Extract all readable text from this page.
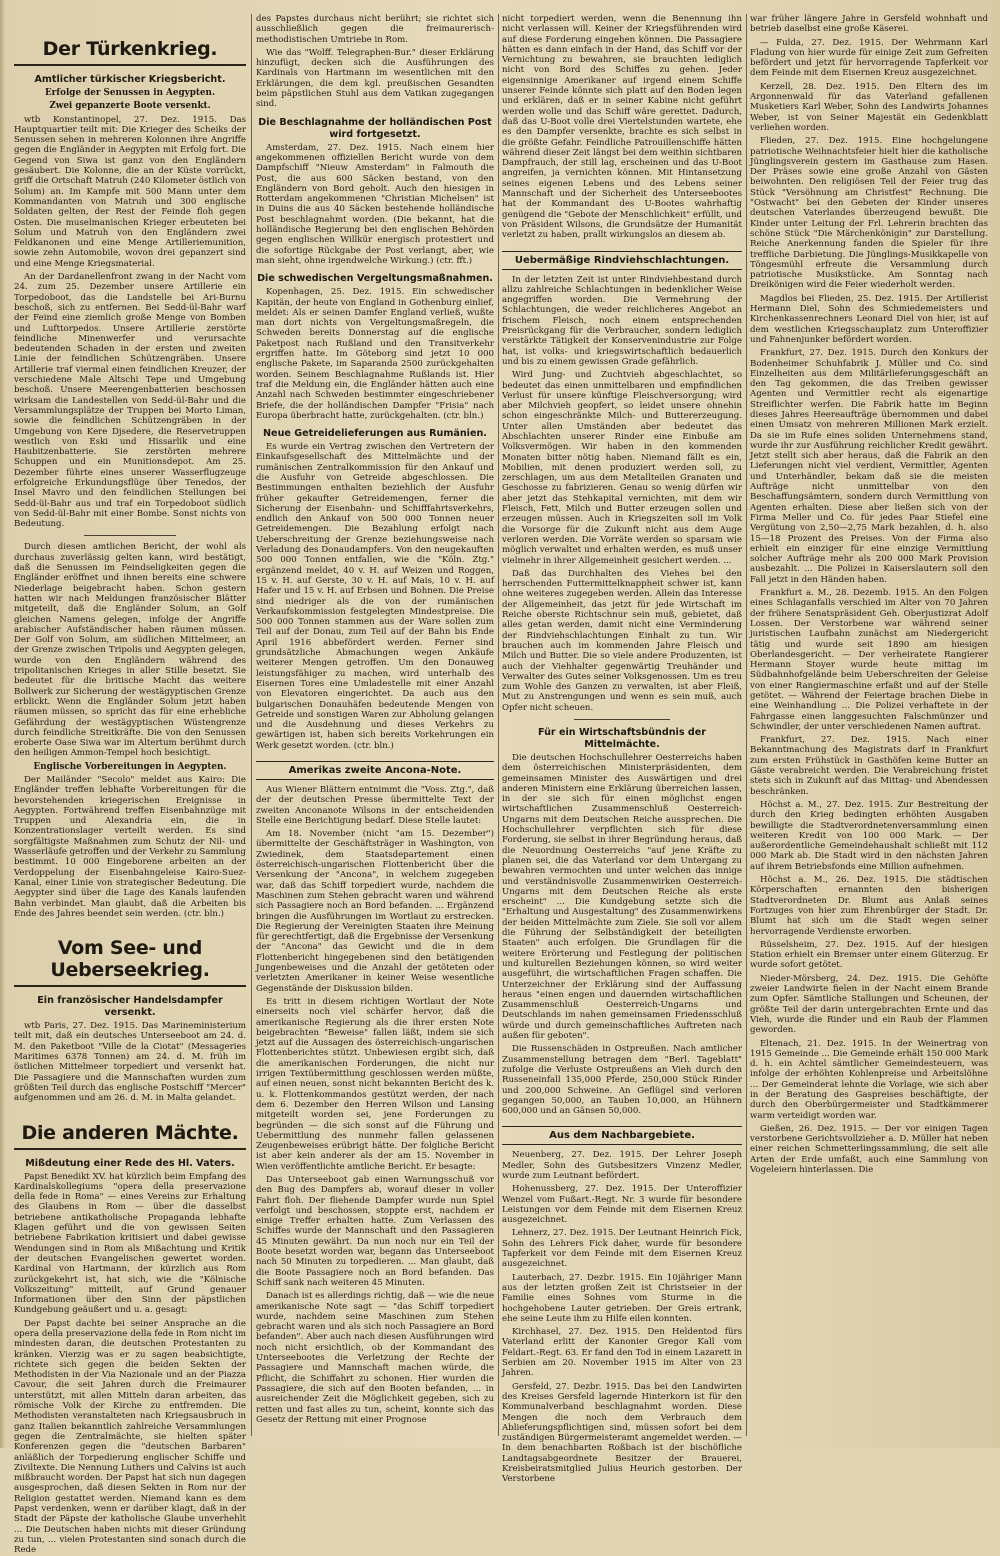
Der Türkenkrieg.
Amtlicher türkischer Kriegsbericht.
Erfolge der Senussen in Aegypten.
Zwei gepanzerte Boote versenkt.

wtb Konstantinopel, 27. Dez. 1915. Das Hauptquartier teilt mit: Die Krieger des Scheiks der Senussen sehen in mehreren Kolonnen ihre Angriffe gegen die Engländer in Aegypten mit Erfolg fort. Die Gegend von Siwa ist ganz von den Engländern gesäubert. Die Kolonne, die an der Küste vorrückt, griff die Ortschaft Matruh (240 Kilometer östlich von Solum) an. Im Kampfe mit 500 Mann unter dem Kommandanten von Matruh und 300 englische Soldaten gelten, der Rest der Feinde floh gegen Osten. Die muselmanischen Krieger erbeuteten bei Solum und Matruh von den Engländern zwei Feldkanonen und eine Menge Artilleriemunition, sowie zehn Automobile, wovon drei gepanzert sind und eine Menge Kriegsmaterial.

An der Dardanellenfront zwang in der Nacht vom 24. zum 25. Dezember unsere Artillerie ein Torpedoboot, das die Landstelle bei Ari-Burnu beschoß, sich zu entfernen. Bei Sedd-ül-Bahr warf der Feind eine ziemlich große Menge von Bomben und Lufttorpedos. Unsere Artillerie zerstörte feindliche Minenwerfer und verursachte bedeutenden Schaden in der ersten und zweiten Linie der feindlichen Schützengräben. Unsere Artillerie traf viermal einen feindlichen Kreuzer, der verschiedene Male Altschi Tepe und Umgebung beschoß. Unsere Meerengenbatterien beschossen wirksam die Landestellen von Sedd-ül-Bahr und die Versammlungsplätze der Truppen bei Morto Liman, sowie die feindlichen Schützengräben in der Umgebung von Kere Djsedere, die Reservetruppen westlich von Eski und Hissarlik und eine Haubitzenbatterie. Sie zerstörten mehrere Schuppen und ein Munitionsdepot. Am 25. Dezember führte eines unserer Wasserflugzeuge erfolgreiche Erkundungsflüge über Tenedos, der Insel Mavro und den feindlichen Stellungen bei Sedd-ül-Bahr aus und traf ein Torpedoboot südlich von Sedd-ül-Bahr mit einer Bombe. Sonst nichts von Bedeutung.

Durch diesen amtlichen Bericht, der wohl als durchaus zuverlässig gelten kann, wird bestätigt, daß die Senussen im Feindseligkeiten gegen die Engländer eröffnet und ihnen bereits eine schwere Niederlage beigebracht haben. Schon gestern hatten wir nach Meldungen französischer Blätter mitgeteilt, daß die Engländer Solum, an Golf gleichen Namens gelegen, infolge der Angriffe arabischer Aufständischer haben räumen müssen. Der Golf von Solum, am südlichen Mittelmeer, an der Grenze zwischen Tripolis und Aegypten gelegen, wurde von den Engländern während des tripolitanischen Krieges in aller Stille besetzt. Sie bedeutet für die britische Macht das weitere Bollwerk zur Sicherung der westägyptischen Grenze erblickt. Wenn die Engländer Solum jetzt haben räumen müssen, so spricht das für eine erhebliche Gefährdung der westägyptischen Wüstengrenze durch feindliche Streitkräfte. Die von den Senussen eroberte Oase Siwa war im Altertum berühmt durch den heiligen Ammon-Tempel hoch besichtigt.

Englische Vorbereitungen in Aegypten.

Der Mailänder "Secolo" meldet aus Kairo: Die Engländer treffen lebhafte Vorbereitungen für die bevorstehenden kriegerischen Ereignisse in Aegypten. Fortwährend treffen Eisenbahnzüge mit Truppen und Alexandria ein, die in Konzentrationslager verteilt werden. Es sind sorgfältigste Maßnahmen zum Schutz der Nil- und Wasserläufe getroffen und der Verkehr zu Sammlung bestimmt. 10 000 Eingeborene arbeiten an der Verdoppelung der Eisenbahngeleise Kairo-Suez-Kanal, einer Linie von strategischer Bedeutung. Die Aegypter sind über die Lage des Kanals laufenden Bahn verbindet. Man glaubt, daß die Arbeiten bis Ende des Jahres beendet sein werden. (ctr. bln.)

Vom See- und Ueberseekrieg.
Ein französischer Handelsdampfer versenkt.

wtb Paris, 27. Dez. 1915. Das Marineministerium teilt mit, daß ein deutsches Unterseeboot am 24. d. M. den Paketboot "Ville de la Ciotat" (Messageries Maritimes 6378 Tonnen) am 24. d. M. früh im östlichen Mittelmeer torpediert und versenkt hat. Die Passagiere und die Mannschaften wurden zum größten Teil durch das englische Postschiff "Mercer" aufgenommen und am 26. d. M. in Malta gelandet.

Die anderen Mächte.
Mißdeutung einer Rede des Hl. Vaters.

Papst Benedikt XV. hat kürzlich beim Empfang des Kardinalskollegiums "opera della preservazione della fede in Roma" — eines Vereins zur Erhaltung des Glaubens in Rom — über die dasselbst betriebene antikatholische Propaganda lebhafte Klagen geführt und die von gewissen Seiten betriebene Fabrikation kritisiert und dabei gewisse Wendungen sind in Rom als Mißachtung und Kritik der deutschen Evangelischen gewertet worden. Kardinal von Hartmann, der kürzlich aus Rom zurückgekehrt ist, hat sich, wie die "Kölnische Volkszeitung" mitteilt, auf Grund genauer Informationen über den Sinn der päpstlichen Kundgebung geäußert und u. a. gesagt:

Der Papst dachte bei seiner Ansprache an die opera della preservazione della fede in Rom nicht im mindesten daran, die deutschen Protestanten zu kränken. Vierzig was er zu sagen beabsichtigte, richtete sich gegen die beiden Sekten der Methodisten in der Via Nazionale und an der Piazza Cavour, die seit Jahren durch die Freimaurer unterstützt, mit allen Mitteln daran arbeiten, das römische Volk der Kirche zu entfremden. Die Methodisten veranstalteten nach Kriegsausbruch in ganz Italien bekanntlich zahlreiche Versammlungen gegen die Zentralmächte, sie hielten später Konferenzen gegen die "deutschen Barbaren" anläßlich der Torpedierung englischer Schiffe und Ziviltexte. Die Nennung Luthers und Calvins ist auch mißbraucht worden. Der Papst hat sich nun dagegen ausgesprochen, daß diesen Sekten in Rom nur der Religion gestattet werden. Niemand kann es dem Papst verdenken, wenn er darüber klagt, daß in der Stadt der Päpste der katholische Glaube unverhehlt ... Die Deutschen haben nichts mit dieser Gründung zu tun, ... vielen Protestanten sind sonach durch die Rede

des Papstes durchaus nicht berührt; sie richtet sich ausschließlich gegen die freimaurerisch-methodistischen Umtriebe in Rom.

Wie das "Wolff. Telegraphen-Bur." dieser Erklärung hinzufügt, decken sich die Ausführungen des Kardinals von Hartmann im wesentlichen mit den Erklärungen, die dem kgl. preußischen Gesandten beim päpstlichen Stuhl aus dem Vatikan zugegangen sind.

Die Beschlagnahme der holländischen Post wird fortgesetzt.

Amsterdam, 27. Dez. 1915. Nach einem hier angekommenen offiziellen Bericht wurde von dem Dampfschiff "Nieuw Amsterdam" in Falmouth die Post, die aus 600 Säcken bestand, von den Engländern von Bord geholt. Auch den hiesigen in Rotterdam angekommenen "Christian Michelsen" ist in Duins die aus 40 Säcken bestehende holländische Post beschlagnahmt worden. (Die bekannt, hat die holländische Regierung bei den englischen Behörden gegen englischen Willkür energisch protestiert und die sofortige Rückgabe der Post verlangt, aber, wie man sieht, ohne irgendwelche Wirkung.) (ctr. fft.)

Die schwedischen Vergeltungsmaßnahmen.

Kopenhagen, 25. Dez. 1915. Ein schwedischer Kapitän, der heute von England in Gothenburg einlief, meldet: Als er seinen Damfer England verließ, wußte man dort nichts von Vergeltungsmaßregeln, die Schweden bereits Donnerstag auf die englische Paketpost nach Rußland und den Transitverkehr ergriffen hatte. Im Göteborg sind jetzt 10 000 englische Pakete, im Saparanda 2500 zurückgehalten worden. Seinem Beschlagnahme Rußlands ist. Hier traf die Meldung ein, die Engländer hätten auch eine Anzahl nach Schweden bestimmter eingeschriebener Briefe, die der holländischen Dampfer "Frisia" nach Europa überbracht hatte, zurückgehalten. (ctr. bln.)

Neue Getreidelieferungen aus Rumänien.

Es wurde ein Vertrag zwischen den Vertretern der Einkaufsgesellschaft des Mittelmächte und der rumänischen Zentralkommission für den Ankauf und die Ausfuhr von Getreide abgeschlossen. Die Bestimmungen enthalten beziehlich der Ausfuhr früher gekaufter Getreidemengen, ferner die Sicherung der Eisenbahn- und Schifffahrtsverkehrs, endlich den Ankauf von 500 000 Tonnen neuer Getreidemengen. Die Bezahlung erfolgt nach Ueberschreitung der Grenze beziehungsweise nach Verladung des Donaudampfers. Von den neugekauften 500 000 Tonnen entfallen, wie die "Köln. Ztg." ergänzend meldet, 40 v. H. auf Weizen und Roggen, 15 v. H. auf Gerste, 30 v. H. auf Mais, 10 v. H. auf Hafer und 15 v. H. auf Erbsen und Bohnen. Die Preise sind niedriger als die von der rumänischen Verkaufskommission festgelegten Mindestpreise. Die 500 000 Tonnen stammen aus der Ware sollen zum Teil auf der Donau, zum Teil auf der Bahn bis Ende April 1916 abbefördert werden. Ferner sind grundsätzliche Abmachungen wegen Ankäufe weiterer Mengen getroffen. Um den Donauweg leistungsfähiger zu machen, wird unterhalb des Eisernen Tores eine Umladestelle mit einer Anzahl von Elevatoren eingerichtet. Da auch aus den bulgarischen Donauhäfen bedeutende Mengen von Getreide und sonstigen Waren zur Abholung gelangen und die Ausdehnung und dieses Verkehrs zu gewärtigen ist, haben sich bereits Vorkehrungen ein Werk gesetzt worden. (ctr. bln.)

Amerikas zweite Ancona-Note.

Aus Wiener Blättern entnimmt die "Voss. Ztg.", daß der der deutschen Presse übermittelte Text der zweiten Anconanote Wilsons in der entscheidenden Stelle eine Berichtigung bedarf. Diese Stelle lautet:

Am 18. November (nicht "am 15. Dezember") übermittelte der Geschäftsträger in Washington, von Zwiedinek, dem Staatsdepartement einen österreichisch-ungarischen Flottenbericht über die Versenkung der "Ancona", in welchem zugegeben war, daß das Schiff torpediert wurde, nachdem die Maschinen zum Stehen gebracht waren und während sich Passagiere noch an Bord befanden. ... Ergänzend bringen die Ausführungen im Wortlaut zu erstrecken. Die Regierung der Vereinigten Staaten ihre Meinung für gerechtfertigt, daß die Ergebnisse der Versenkung der "Ancona" das Gewicht und die in dem Flottenbericht hingegebenen sind den betätigenden Jungenbeweises und die Anzahl der getöteten oder verletzten Amerikaner in keiner Weise wesentliche Gegenstände der Diskussion bilden.

Es tritt in diesem richtigen Wortlaut der Note einerseits noch viel schärfer hervor, daß die amerikanische Regierung als die ihrer ersten Note beigebrachten "Beweise" fallen läßt, indem sie sich jetzt auf die Aussagen des österreichisch-ungarischen Flottenberichtes stützt. Unbewiesen ergibt sich, daß die amerikanischen Forderungen, die nicht nur irrigen Textübermittlung geschlossen werden müßte, auf einen neuen, sonst nicht bekannten Bericht des k. u. k. Flottenkommandos gestützt werden, der nach dem 6. Dezember den Herren Wilson und Lansing mitgeteilt worden sei, jene Forderungen zu begründen — die sich sonst auf die Führung und Uebermittlung des nunmehr fallen gelassenen Zeugenbeweises erübrigt hätte. Der folgliche Bericht ist aber kein anderer als der am 15. November in Wien veröffentlichte amtliche Bericht. Er besagte:

Das Unterseeboot gab einen Warnungsschuß vor den Bug des Dampfers ab, worauf dieser in voller Fahrt floh. Der fliehende Dampfer wurde nun Spiel verfolgt und beschossen, stoppte erst, nachdem er einige Treffer erhalten hatte. Zum Verlassen des Schiffes wurde der Mannschaft und den Passagieren 45 Minuten gewährt. Da nun noch nur ein Teil der Boote besetzt worden war, begann das Unterseeboot nach 50 Minuten zu torpedieren. ... Man glaubt, daß die Boote Passagiere noch an Bord befanden. Das Schiff sank nach weiteren 45 Minuten.

Danach ist es allerdings richtig, daß — wie die neue amerikanische Note sagt — "das Schiff torpediert wurde, nachdem seine Maschinen zum Stehen gebracht waren und als sich noch Passagiere an Bord befanden". Aber auch nach diesen Ausführungen wird noch nicht ersichtlich, ob der Kommandant des Unterseebootes die Verletzung der Rechte der Passagiere und Mannschaft machen würde, die Pflicht, die Schiffahrt zu schonen. Hier wurden die Passagiere, die sich auf den Booten befanden, ... in ausreichender Zeit die Möglichkeit gegeben, sich zu retten und fast alles zu tun, scheint, konnte sich das Gesetz der Rettung mit einer Prognose

nicht torpediert werden, wenn die Benennung ihn nicht verlassen will. Keiner der Kriegsführenden wird auf diese Forderung eingehen können. Die Passagiere hätten es dann einfach in der Hand, das Schiff vor der Vernichtung zu bewahren, sie brauchten lediglich nicht von Bord des Schiffes zu gehen. Jeder eigensinnige Amerikaner auf irgend einem Schiffe unserer Feinde könnte sich platt auf den Boden legen und erklären, daß er in seiner Kabine nicht geführt werden wolle und das Schiff wäre gerettet. Dadurch, daß das U-Boot volle drei Viertelstunden wartete, ehe es den Dampfer versenkte, brachte es sich selbst in die größte Gefahr. Feindliche Patrouillenschiffe hätten während dieser Zeit längst bei dem weithin sichtbaren Dampfrauch, der still lag, erscheinen und das U-Boot angreifen, ja vernichten können. Mit Hintansetzung seines eigenen Lebens und des Lebens seiner Mannschaft und der Sicherheit des Unterseebootes hat der Kommandant des U-Bootes wahrhaftig genügend die "Gebote der Menschlichkeit" erfüllt, und von Präsident Wilsons, die Grundsätze der Humanität verletzt zu haben, prallt wirkungslos an diesem ab.

Uebermäßige Rindviehschlachtungen.

In der letzten Zeit ist unter Rindviehbestand durch allzu zahlreiche Schlachtungen in bedenklicher Weise angegriffen worden. Die Vermehrung der Schlachtungen, die weder reichlicheres Angebot an frischem Fleisch, noch einem entsprechenden Preisrückgang für die Verbraucher, sondern lediglich verstärkte Tätigkeit der Konservenindustrie zur Folge hat, ist volks- und kriegswirtschaftlich bedauerlich und bis zu einem gewissen Grade gefährlich.

Wird Jung- und Zuchtvieh abgeschlachtet, so bedeutet das einen unmittelbaren und empfindlichen Verlust für unsere künftige Fleischversorgung; wird aber Milchvieh geopfert, so leidet unsere ohnehin schon eingeschränkte Milch- und Buttererzeugung. Unter allen Umständen aber bedeutet das Abschlachten unserer Rinder eine Einbuße am Volksvermögen. Wir haben in den kommenden Monaten bitter nötig haben. Niemand fällt es ein, Mobilien, mit denen produziert werden soll, zu zerschlagen, um aus dem Metallteilen Granaten und Geschosse zu fabrizieren. Genau so wenig dürfen wir aber jetzt das Stehkapital vernichten, mit dem wir Fleisch, Fett, Milch und Butter erzeugen sollen und erzeugen müssen. Auch in Kriegszeiten soll im Volk die Vorsorge für die Zukunft nicht aus dem Auge verloren werden. Die Vorräte werden so sparsam wie möglich verwaltet und erhalten werden, es muß unser vielmehr in ihrer Allgemeinheit gesichert werden. ...

Daß das Durchhalten des Viehes bei den herrschenden Futtermittelknappheit schwer ist, kann ohne weiteres zugegeben werden. Allein das Interesse der Allgemeinheit, das jetzt für jede Wirtschaft im Reiche oberste Richtschnur sein muß, gebietet, daß alles getan werden, damit nicht eine Verminderung der Rindviehschlachtungen Einhalt zu tun. Wir brauchen auch im kommenden Jahre Fleisch und Milch und Butter. Die so viele andere Produzenten, ist auch der Viehhalter gegenwärtig Treuhänder und Verwalter des Gutes seiner Volksgenossen. Um es treu zum Wohle des Ganzen zu verwalten, ist aber Fleiß, Mut zu Anstrengungen und wenn es sein muß, auch Opfer nicht scheuen.

Für ein Wirtschaftsbündnis der Mittelmächte.

Die deutschen Hochschullehrer Oesterreichs haben dem österreichischen Ministerpräsidenten, dem gemeinsamen Minister des Auswärtigen und drei anderen Ministern eine Erklärung überreichen lassen, in der sie sich für einen möglichst engen wirtschaftlichen Zusammenschluß Oesterreich-Ungarns mit dem Deutschen Reiche aussprechen. Die Hochschullehrer verpflichten sich für diese Forderung, sie selbst in ihrer Begründung heraus, daß die Neuordnung Oesterreichs "auf jene Kräfte zu planen sei, die das Vaterland vor dem Untergang zu bewahren vermochten und unter welchen das innige und verständnisvolle Zusammenwirken Oesterreich-Ungarns mit dem Deutschen Reiche als erste erscheint" ... Die Kundgebung setzte sich die "Erhaltung und Ausgestaltung" des Zusammenwirkens der beiden Mittelmächte zum Ziele. Sie soll vor allem die Führung der Selbständigkeit der beteiligten Staaten" auch erfolgen. Die Grundlagen für die weitere Erörterung und Festlegung der politischen und kulturellen Beziehungen können, so wird weiter ausgeführt, die wirtschaftlichen Fragen schaffen. Die Unterzeichner der Erklärung sind der Auffassung heraus "einen engen und dauernden wirtschaftlichen Zusammenschluß Oesterreich-Ungarns und Deutschlands im nahen gemeinsamen Friedensschluß würde und durch gemeinschaftliches Auftreten nach außen für geboten".

Die Russenschäden in Ostpreußen. Nach amtlicher Zusammenstellung betragen dem "Berl. Tageblatt" zufolge die Verluste Ostpreußens an Vieh durch den Russeneinfall 135,000 Pferde, 250,000 Stück Rinder und 200,000 Schweine. An Geflügel sind verloren gegangen 50,000, an Tauben 10,000, an Hühnern 600,000 und an Gänsen 50,000.

Aus dem Nachbargebiete.

Neuenberg, 27. Dez. 1915. Der Lehrer Joseph Medler, Sohn des Gutsbesitzers Vinzenz Medler, wurde zum Leutnant befördert.

Hohenussberg, 27. Dez. 1915. Der Unteroffizier Wenzel vom Fußart.-Regt. Nr. 3 wurde für besondere Leistungen vor dem Feinde mit dem Eisernen Kreuz ausgezeichnet.

Lehnerz, 27. Dez. 1915. Der Leutnant Heinrich Fick, Sohn des Lehrers Fick daher, wurde für besondere Tapferkeit vor dem Feinde mit dem Eisernen Kreuz ausgezeichnet.

Lauterbach, 27. Dezbr. 1915. Ein 10jähriger Mann aus der letzten großen Zeit ist Christseier in der Familie eines Sohnes vom Sturme in die hochgehobene Lauter getrieben. Der Greis ertrank, ehe seine Leute ihm zu Hilfe eilen konnten.

Kirchhasel, 27. Dez. 1915. Den Heldentod fürs Vaterland erlitt der Kanonier Gregor Kall vom Feldart.-Regt. 63. Er fand den Tod in einem Lazarett in Serbien am 20. November 1915 im Alter von 23 Jahren.

Gersfeld, 27. Dezbr. 1915. Das bei den Landwirten des Kreises Gersfeld lagernde Hinterkorn ist für den Kommunalverband beschlagnahmt worden. Diese Mengen die noch dem Verbrauch dem Ablieferungspflichtigen sind, müssen sofort bei dem zuständigen Bürgermeisteramt angemeldet werden. — In dem benachbarten Roßbach ist der bischöfliche Landtagsabgeordnete Besitzer der Brauerei, Kreisbeiratsmitglied Julius Heurich gestorben. Der Verstorbene

war früher längere Jahre in Gersfeld wohnhaft und betrieb daselbst eine große Käserei.

— Fulda, 27. Dez. 1915. Der Wehrmann Karl Fladung von hier wurde für einige Zeit zum Gefreiten befördert und jetzt für hervorragende Tapferkeit vor dem Feinde mit dem Eisernen Kreuz ausgezeichnet.

Kerzell, 28. Dez. 1915. Den Eltern des im Argonnenwald für das Vaterland gefallenen Musketiers Karl Weber, Sohn des Landwirts Johannes Weber, ist von Seiner Majestät ein Gedenkblatt verliehen worden.

Flieden, 27. Dez. 1915. Eine hochgelungene patriotische Weihnachtsfeier hielt hier die katholische Jünglingsverein gestern im Gasthause zum Hasen. Der Präses sowie eine große Anzahl von Gästen beiwohnten. Den religiösen Teil der Feier trug das Stück "Versöhnung am Christfest" Rechnung. Die "Ostwacht" bei den Gebeten der Kinder unseres deutschen Vaterlandes überzeugend bewußt. Die Kinder unter Leitung der Frl. Lehrerin brachten das schöne Stück "Die Märchenkönigin" zur Darstellung. Reiche Anerkennung fanden die Spieler für ihre treffliche Darbietung. Die Jünglings-Musikkapelle von Töngesmühl erfreute die Versammlung durch patriotische Musikstücke. Am Sonntag nach Dreikönigen wird die Feier wiederholt werden.

Magdlos bei Flieden, 25. Dez. 1915. Der Artillerist Hermann Diel, Sohn des Schmiedemeisters und Kirchenkassenrechners Leonard Diel von hier, ist auf dem westlichen Kriegsschauplatz zum Unteroffizier und Fahnenjunker befördert worden.

Frankfurt, 27. Dez. 1915. Durch den Konkurs der Bodenheimer Schuhfabrik J. Müller und Co. sind Einzelheiten aus dem Militärlieferungsgeschäft an den Tag gekommen, die das Treiben gewisser Agenten und Vermittler recht als eigenartige Streiflichter werfen. Die Fabrik hatte im Beginn dieses Jahres Heereaufträge übernommen und dabei einen Umsatz von mehreren Millionen Mark erzielt. Da sie im Rufe eines soliden Unternehmens stand, wurde ihr zur Ausführung reichlicher Kredit gewährt. Jetzt stellt sich aber heraus, daß die Fabrik an den Lieferungen nicht viel verdient, Vermittler, Agenten und Unterhändler, bekam daß sie die meisten Aufträge nicht unmittelbar von den Beschaffungsämtern, sondern durch Vermittlung von Agenten erhalten. Diese aber ließen sich von der Firma Meller und Co. für jedes Paar Stiefel eine Vergütung von 2,50—2,75 Mark bezahlen, d. h. also 15—18 Prozent des Preises. Von der Firma also erhielt ein einziger für eine einzige Vermittlung solcher Aufträge mehr als 200 000 Mark Provision ausbezahlt. ... Die Polizei in Kaiserslautern soll den Fall jetzt in den Händen haben.

Frankfurt a. M., 28. Dezemb. 1915. An den Folgen eines Schlaganfalls verschied im Alter von 70 Jahren der frühere Senatspräsident Geh. Oberjustizrat Adolf Lossen. Der Verstorbene war während seiner juristischen Laufbahn zunächst am Niedergericht tätig und wurde seit 1890 am hiesigen Oberlandesgericht. — Der verheiratete Rangierer Hermann Stoyer wurde heute mittag im Südbahnhofgelände beim Ueberschreiten der Geleise von einer Rangiermaschine erfaßt und auf der Stelle getötet. — Während der Feiertage brachen Diebe in eine Weinhandlung ... Die Polizei verhaftete in der Fahrgasse einen langgesuchten Falschmünzer und Schwindler, der unter verschiedenen Namen auftrat.

Frankfurt, 27. Dez. 1915. Nach einer Bekanntmachung des Magistrats darf in Frankfurt zum ersten Frühstück in Gasthöfen keine Butter an Gäste verabreicht werden. Die Verabreichung fristet stets sich in Zukunft auf das Mittag- und Abendessen beschränken.

Höchst a. M., 27. Dez. 1915. Zur Bestreitung der durch den Krieg bedingten erhöhten Ausgaben bewilligte die Stadtverordnetenversammlung einen weiteren Kredit von 100 000 Mark. — Der außerordentliche Gemeindehaushalt schließt mit 112 000 Mark ab. Die Stadt wird in den nächsten Jahren auf ihrem Betriebsfonds eine Million aufnehmen.

Höchst a. M., 26. Dez. 1915. Die städtischen Körperschaften ernannten den bisherigen Stadtverordneten Dr. Blumt aus Anlaß seines Fortzuges von hier zum Ehrenbürger der Stadt. Dr. Blumt hat sich um die Stadt wegen seiner hervorragende Verdienste erworben.

Rüsselsheim, 27. Dez. 1915. Auf der hiesigen Station erhielt ein Bremser unter einem Güterzug. Er wurde sofort getötet.

Nieder-Mörsberg, 24. Dez. 1915. Die Gehöfte zweier Landwirte fielen in der Nacht einem Brande zum Opfer. Sämtliche Stallungen und Scheunen, der größte Teil der darin untergebrachten Ernte und das Vieh, wurde die Rinder und ein Raub der Flammen geworden.

Eltenach, 21. Dez. 1915. In der Weinertrag von 1915 Gemeinde ... Die Gemeinde erhält 150 000 Mark d. h. ein Achtel sämtlicher Gemeindesteuern, was infolge der erhöhten Kohlenpreise und Arbeitslöhne ... Der Gemeinderat lehnte die Vorlage, wie sich aber in der Beratung des Gaspreises beschäftigte, der durch den Oberbürgermeister und Stadtkämmerer warm verteidigt worden war.

Gießen, 26. Dez. 1915. — Der vor einigen Tagen verstorbene Gerichtsvollzieher a. D. Müller hat neben einer reichen Schmetterlingssammlung, die seit alle Arten der Erde umfaßt, auch eine Sammlung von Vogeleiern hinterlassen. Die
